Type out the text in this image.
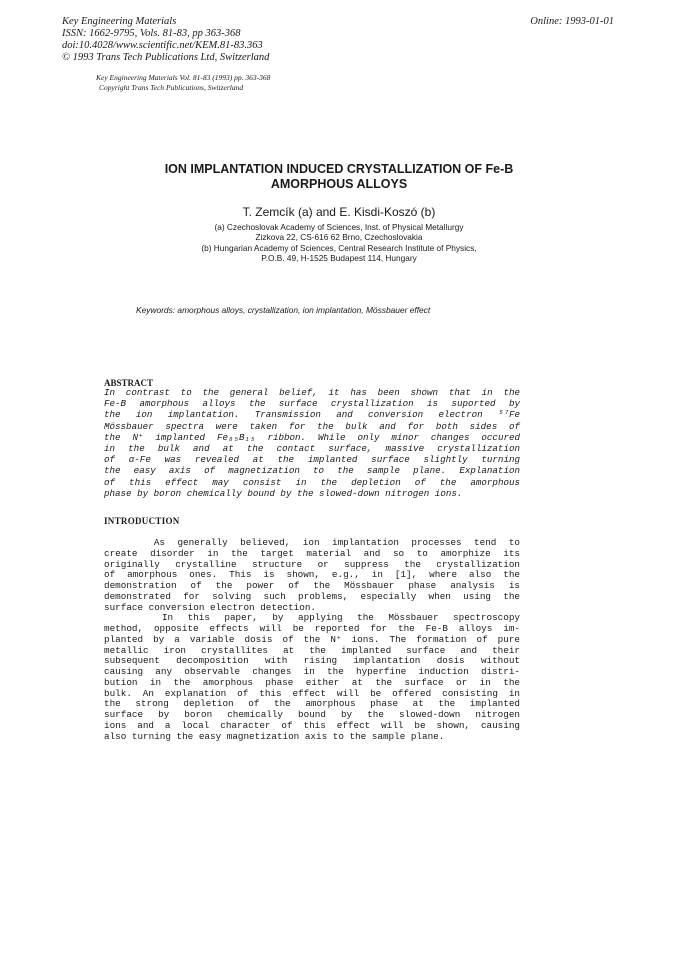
Key Engineering Materials
ISSN: 1662-9795, Vols. 81-83, pp 363-368
doi:10.4028/www.scientific.net/KEM.81-83.363
© 1993 Trans Tech Publications Ltd, Switzerland
Online: 1993-01-01
Key Engineering Materials Vol. 81-83 (1993) pp. 363-368
Copyright Trans Tech Publications, Switzerland
ION IMPLANTATION INDUCED CRYSTALLIZATION OF Fe-B
AMORPHOUS ALLOYS
T. Zemcík (a) and E. Kisdi-Koszó (b)
(a) Czechoslovak Academy of Sciences, Inst. of Physical Metallurgy
Zizkova 22, CS-616 62 Brno, Czechoslovakia
(b) Hungarian Academy of Sciences, Central Research Institute of Physics,
P.O.B. 49, H-1525 Budapest 114, Hungary
Keywords: amorphous alloys, crystallization, ion implantation, Mössbauer effect
ABSTRACT
In contrast to the general belief, it has been shown that in the
Fe-B amorphous alloys the surface crystallization is suported by
the ion implantation. Transmission and conversion electron ⁵⁷Fe
Mössbauer spectra were taken for the bulk and for both sides of
the N⁺ implanted Fe₈₅B₁₅ ribbon. While only minor changes occured
in the bulk and at the contact surface, massive crystallization
of α-Fe was revealed at the implanted surface slightly turning
the easy axis of magnetization to the sample plane. Explanation
of this effect may consist in the depletion of the amorphous
phase by boron chemically bound by the slowed-down nitrogen ions.
INTRODUCTION
As generally believed, ion implantation processes tend to
create disorder in the target material and so to amorphize its
originally crystalline structure or suppress the crystallization
of amorphous ones. This is shown, e.g., in [1], where also the
demonstration of the power of the Mössbauer phase analysis is
demonstrated for solving such problems, especially when using the
surface conversion electron detection.
In this paper, by applying the Mössbauer spectroscopy
method, opposite effects will be reported for the Fe-B alloys im-
planted by a variable dosis of the N⁺ ions. The formation of pure
metallic iron crystallites at the implanted surface and their
subsequent decomposition with rising implantation dosis without
causing any observable changes in the hyperfine induction distri-
bution in the amorphous phase either at the surface or in the
bulk. An explanation of this effect will be offered consisting in
the strong depletion of the amorphous phase at the implanted
surface by boron chemically bound by the slowed-down nitrogen
ions and a local character of this effect will be shown, causing
also turning the easy magnetization axis to the sample plane.
